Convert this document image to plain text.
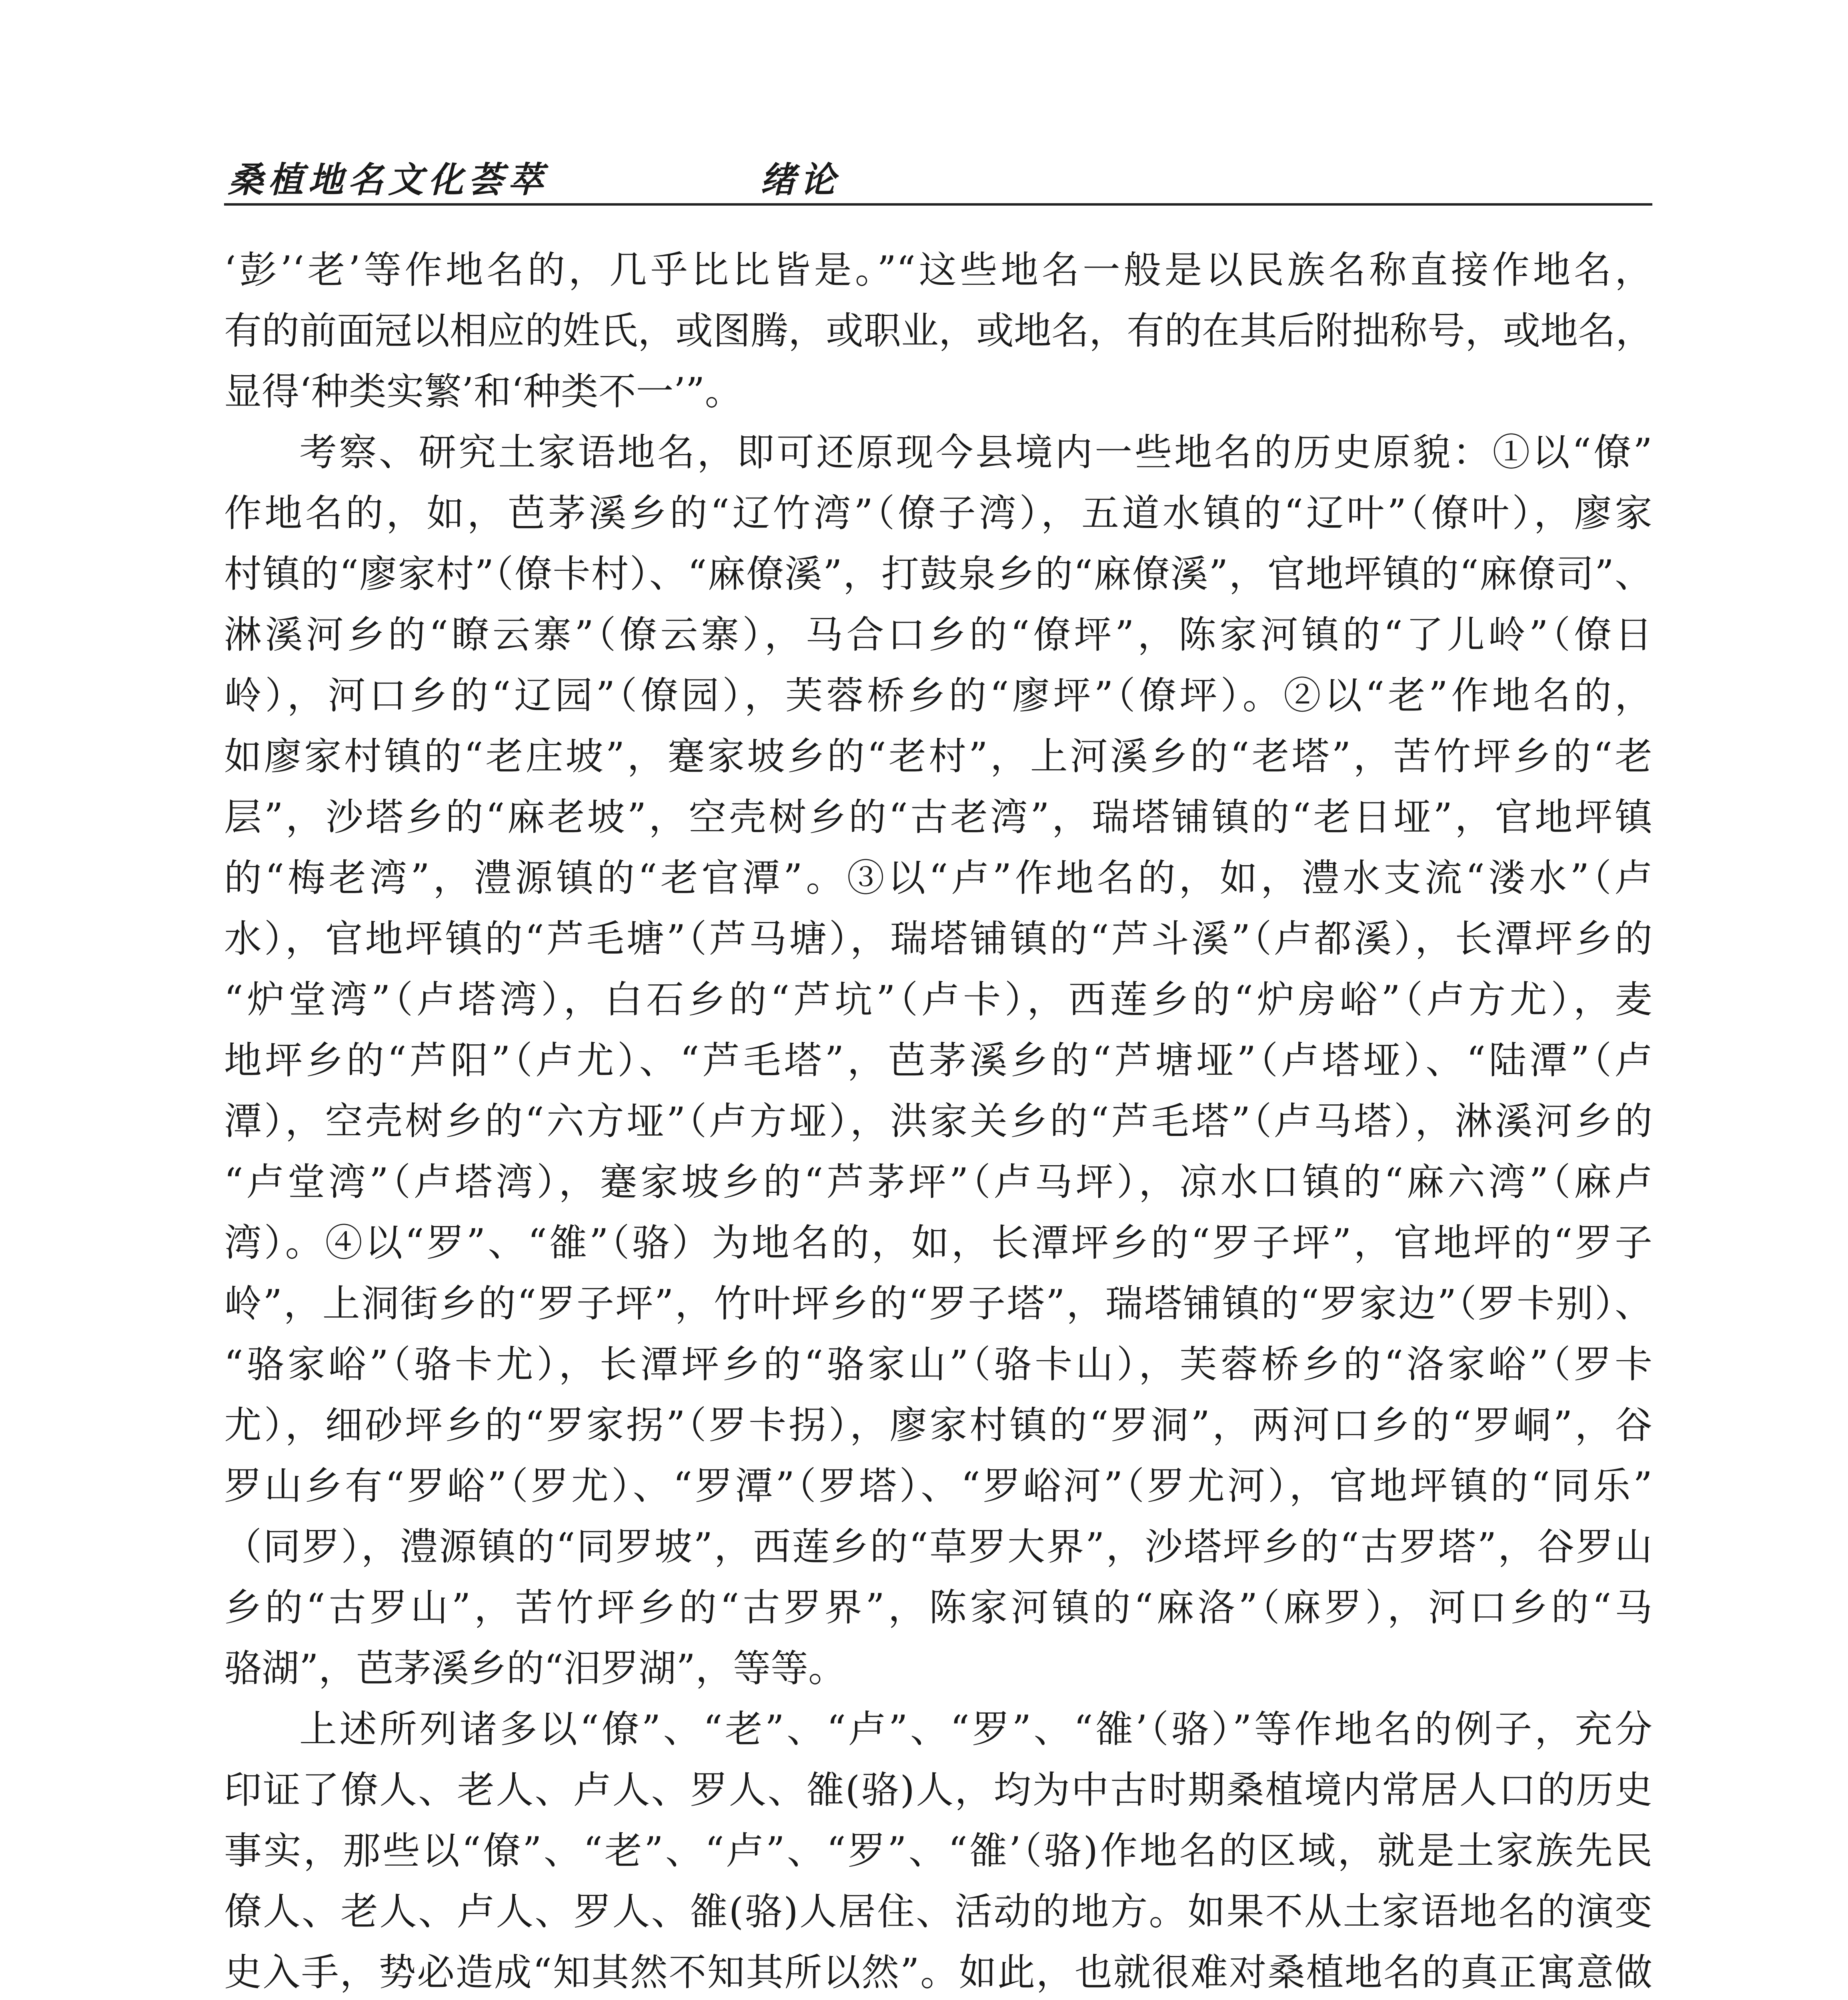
桑植地名文化荟萃	绪论
‘彭’‘老’等作地名的，几乎比比皆是。”“这些地名一般是以民族名称直接作地名，
有的前面冠以相应的姓氏，或图腾，或职业，或地名，有的在其后附拙称号，或地名，
显得‘种类实繁’和‘种类不一’”。
考察、研究土家语地名，即可还原现今县境内一些地名的历史原貌：①以“僚”
作地名的，如，芭茅溪乡的“辽竹湾”（僚子湾），五道水镇的“辽叶”（僚叶），廖家
村镇的“廖家村”（僚卡村）、“麻僚溪”，打鼓泉乡的“麻僚溪”，官地坪镇的“麻僚司”、
淋溪河乡的“瞭云寨”（僚云寨），马合口乡的“僚坪”，陈家河镇的“了儿岭”（僚日
岭），河口乡的“辽园”（僚园），芙蓉桥乡的“廖坪”（僚坪）。②以“老”作地名的，
如廖家村镇的“老庄坡”，蹇家坡乡的“老村”，上河溪乡的“老塔”，苦竹坪乡的“老
层”，沙塔乡的“麻老坡”，空壳树乡的“古老湾”，瑞塔铺镇的“老日垭”，官地坪镇
的“梅老湾”，澧源镇的“老官潭”。③以“卢”作地名的，如，澧水支流“溇水”（卢
水），官地坪镇的“芦毛塘”（芦马塘），瑞塔铺镇的“芦斗溪”（卢都溪），长潭坪乡的
“炉堂湾”（卢塔湾），白石乡的“芦坑”（卢卡），西莲乡的“炉房峪”（卢方尤），麦
地坪乡的“芦阳”（卢尤）、“芦毛塔”，芭茅溪乡的“芦塘垭”（卢塔垭）、“陆潭”（卢
潭），空壳树乡的“六方垭”（卢方垭），洪家关乡的“芦毛塔”（卢马塔），淋溪河乡的
“卢堂湾”（卢塔湾），蹇家坡乡的“芦茅坪”（卢马坪），凉水口镇的“麻六湾”（麻卢
湾）。④以“罗”、“雒”（骆）为地名的，如，长潭坪乡的“罗子坪”，官地坪的“罗子
岭”，上洞街乡的“罗子坪”，竹叶坪乡的“罗子塔”，瑞塔铺镇的“罗家边”（罗卡别）、
“骆家峪”（骆卡尤），长潭坪乡的“骆家山”（骆卡山），芙蓉桥乡的“洛家峪”（罗卡
尤），细砂坪乡的“罗家拐”（罗卡拐），廖家村镇的“罗洞”，两河口乡的“罗峒”，谷
罗山乡有“罗峪”（罗尤）、“罗潭”（罗塔）、“罗峪河”（罗尤河），官地坪镇的“同乐”
（同罗），澧源镇的“同罗坡”，西莲乡的“草罗大界”，沙塔坪乡的“古罗塔”，谷罗山
乡的“古罗山”，苦竹坪乡的“古罗界”，陈家河镇的“麻洛”（麻罗），河口乡的“马
骆湖”，芭茅溪乡的“汨罗湖”，等等。
上述所列诸多以“僚”、“老”、“卢”、“罗”、“雒’（骆）”等作地名的例子，充分
印证了僚人、老人、卢人、罗人、雒(骆)人，均为中古时期桑植境内常居人口的历史
事实，那些以“僚”、“老”、“卢”、“罗”、“雒’（骆)作地名的区域，就是土家族先民
僚人、老人、卢人、罗人、雒(骆)人居住、活动的地方。如果不从土家语地名的演变
史入手，势必造成“知其然不知其所以然”。如此，也就很难对桑植地名的真正寓意做
